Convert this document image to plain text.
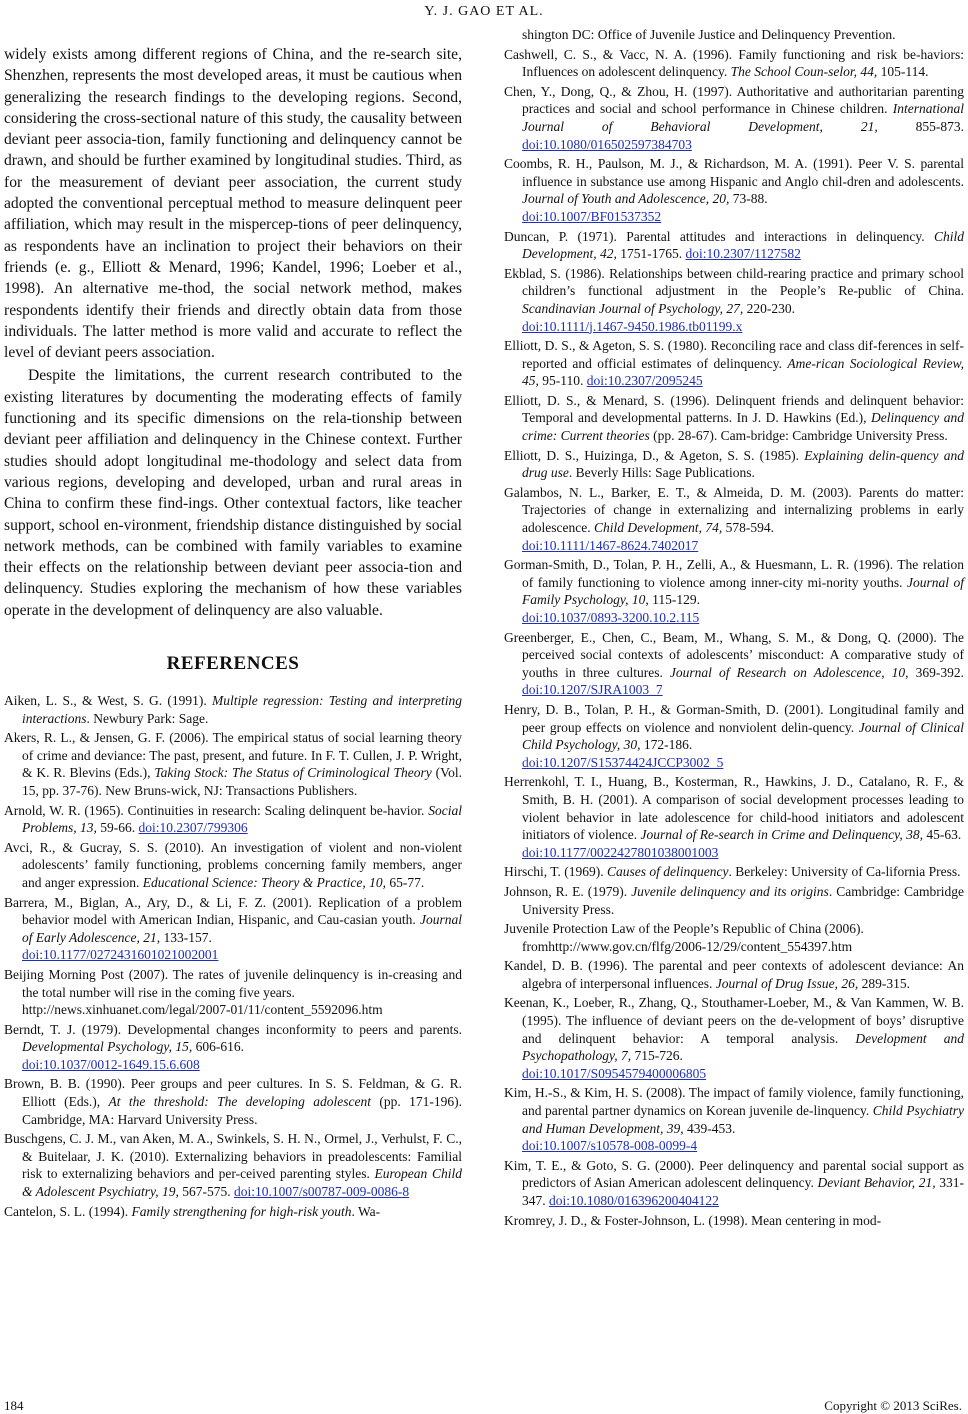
Y. J. GAO ET AL.

widely exists among different regions of China, and the re-search site, Shenzhen, represents the most developed areas, it must be cautious when generalizing the research findings to the developing regions. Second, considering the cross-sectional nature of this study, the causality between deviant peer associa-tion, family functioning and delinquency cannot be drawn, and should be further examined by longitudinal studies. Third, as for the measurement of deviant peer association, the current study adopted the conventional perceptual method to measure delinquent peer affiliation, which may result in the mispercep-tions of peer delinquency, as respondents have an inclination to project their behaviors on their friends (e. g., Elliott & Menard, 1996; Kandel, 1996; Loeber et al., 1998). An alternative me-thod, the social network method, makes respondents identify their friends and directly obtain data from those individuals. The latter method is more valid and accurate to reflect the level of deviant peers association.

Despite the limitations, the current research contributed to the existing literatures by documenting the moderating effects of family functioning and its specific dimensions on the rela-tionship between deviant peer affiliation and delinquency in the Chinese context. Further studies should adopt longitudinal me-thodology and select data from various regions, developing and developed, urban and rural areas in China to confirm these find-ings. Other contextual factors, like teacher support, school en-vironment, friendship distance distinguished by social network methods, can be combined with family variables to examine their effects on the relationship between deviant peer associa-tion and delinquency. Studies exploring the mechanism of how these variables operate in the development of delinquency are also valuable.

REFERENCES

Aiken, L. S., & West, S. G. (1991). Multiple regression: Testing and interpreting interactions. Newbury Park: Sage.

Akers, R. L., & Jensen, G. F. (2006). The empirical status of social learning theory of crime and deviance: The past, present, and future. In F. T. Cullen, J. P. Wright, & K. R. Blevins (Eds.), Taking Stock: The Status of Criminological Theory (Vol. 15, pp. 37-76). New Bruns-wick, NJ: Transactions Publishers.

Arnold, W. R. (1965). Continuities in research: Scaling delinquent be-havior. Social Problems, 13, 59-66. doi:10.2307/799306

Avci, R., & Gucray, S. S. (2010). An investigation of violent and non-violent adolescents’ family functioning, problems concerning family members, anger and anger expression. Educational Science: Theory & Practice, 10, 65-77.

Barrera, M., Biglan, A., Ary, D., & Li, F. Z. (2001). Replication of a problem behavior model with American Indian, Hispanic, and Cau-casian youth. Journal of Early Adolescence, 21, 133-157.
doi:10.1177/0272431601021002001

Beijing Morning Post (2007). The rates of juvenile delinquency is in-creasing and the total number will rise in the coming five years.
http://news.xinhuanet.com/legal/2007-01/11/content_5592096.htm

Berndt, T. J. (1979). Developmental changes inconformity to peers and parents. Developmental Psychology, 15, 606-616.
doi:10.1037/0012-1649.15.6.608

Brown, B. B. (1990). Peer groups and peer cultures. In S. S. Feldman, & G. R. Elliott (Eds.), At the threshold: The developing adolescent (pp. 171-196). Cambridge, MA: Harvard University Press.

Buschgens, C. J. M., van Aken, M. A., Swinkels, S. H. N., Ormel, J., Verhulst, F. C., & Buitelaar, J. K. (2010). Externalizing behaviors in preadolescents: Familial risk to externalizing behaviors and per-ceived parenting styles. European Child & Adolescent Psychiatry, 19, 567-575. doi:10.1007/s00787-009-0086-8

Cantelon, S. L. (1994). Family strengthening for high-risk youth. Wa-

shington DC: Office of Juvenile Justice and Delinquency Prevention.

Cashwell, C. S., & Vacc, N. A. (1996). Family functioning and risk be-haviors: Influences on adolescent delinquency. The School Coun-selor, 44, 105-114.

Chen, Y., Dong, Q., & Zhou, H. (1997). Authoritative and authoritarian parenting practices and social and school performance in Chinese children. International Journal of Behavioral Development, 21, 855-873. doi:10.1080/016502597384703

Coombs, R. H., Paulson, M. J., & Richardson, M. A. (1991). Peer V. S. parental influence in substance use among Hispanic and Anglo chil-dren and adolescents. Journal of Youth and Adolescence, 20, 73-88.
doi:10.1007/BF01537352

Duncan, P. (1971). Parental attitudes and interactions in delinquency. Child Development, 42, 1751-1765. doi:10.2307/1127582

Ekblad, S. (1986). Relationships between child-rearing practice and primary school children’s functional adjustment in the People’s Re-public of China. Scandinavian Journal of Psychology, 27, 220-230.
doi:10.1111/j.1467-9450.1986.tb01199.x

Elliott, D. S., & Ageton, S. S. (1980). Reconciling race and class dif-ferences in self-reported and official estimates of delinquency. Ame-rican Sociological Review, 45, 95-110. doi:10.2307/2095245

Elliott, D. S., & Menard, S. (1996). Delinquent friends and delinquent behavior: Temporal and developmental patterns. In J. D. Hawkins (Ed.), Delinquency and crime: Current theories (pp. 28-67). Cam-bridge: Cambridge University Press.

Elliott, D. S., Huizinga, D., & Ageton, S. S. (1985). Explaining delin-quency and drug use. Beverly Hills: Sage Publications.

Galambos, N. L., Barker, E. T., & Almeida, D. M. (2003). Parents do matter: Trajectories of change in externalizing and internalizing problems in early adolescence. Child Development, 74, 578-594.
doi:10.1111/1467-8624.7402017

Gorman-Smith, D., Tolan, P. H., Zelli, A., & Huesmann, L. R. (1996). The relation of family functioning to violence among inner-city mi-nority youths. Journal of Family Psychology, 10, 115-129.
doi:10.1037/0893-3200.10.2.115

Greenberger, E., Chen, C., Beam, M., Whang, S. M., & Dong, Q. (2000). The perceived social contexts of adolescents’ misconduct: A comparative study of youths in three cultures. Journal of Research on Adolescence, 10, 369-392. doi:10.1207/SJRA1003_7

Henry, D. B., Tolan, P. H., & Gorman-Smith, D. (2001). Longitudinal family and peer group effects on violence and nonviolent delin-quency. Journal of Clinical Child Psychology, 30, 172-186.
doi:10.1207/S15374424JCCP3002_5

Herrenkohl, T. I., Huang, B., Kosterman, R., Hawkins, J. D., Catalano, R. F., & Smith, B. H. (2001). A comparison of social development processes leading to violent behavior in late adolescence for child-hood initiators and adolescent initiators of violence. Journal of Re-search in Crime and Delinquency, 38, 45-63.
doi:10.1177/0022427801038001003

Hirschi, T. (1969). Causes of delinquency. Berkeley: University of Ca-lifornia Press.

Johnson, R. E. (1979). Juvenile delinquency and its origins. Cambridge: Cambridge University Press.

Juvenile Protection Law of the People’s Republic of China (2006).
fromhttp://www.gov.cn/flfg/2006-12/29/content_554397.htm

Kandel, D. B. (1996). The parental and peer contexts of adolescent deviance: An algebra of interpersonal influences. Journal of Drug Issue, 26, 289-315.

Keenan, K., Loeber, R., Zhang, Q., Stouthamer-Loeber, M., & Van Kammen, W. B. (1995). The influence of deviant peers on the de-velopment of boys’ disruptive and delinquent behavior: A temporal analysis. Development and Psychopathology, 7, 715-726.
doi:10.1017/S0954579400006805

Kim, H.-S., & Kim, H. S. (2008). The impact of family violence, family functioning, and parental partner dynamics on Korean juvenile de-linquency. Child Psychiatry and Human Development, 39, 439-453.
doi:10.1007/s10578-008-0099-4

Kim, T. E., & Goto, S. G. (2000). Peer delinquency and parental social support as predictors of Asian American adolescent delinquency. Deviant Behavior, 21, 331-347. doi:10.1080/016396200404122

Kromrey, J. D., & Foster-Johnson, L. (1998). Mean centering in mod-

184	Copyright © 2013 SciRes.
